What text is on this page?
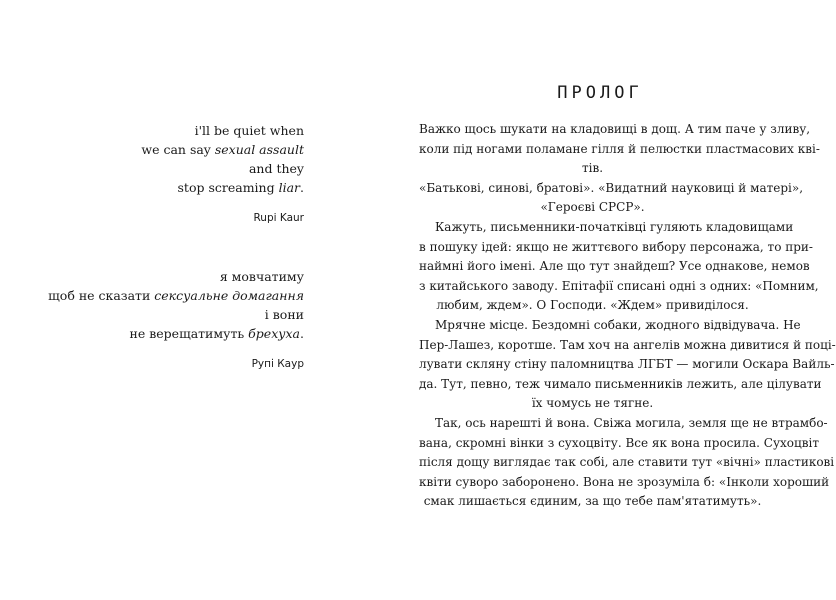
i'll be quiet when
we can say sexual assault
and they
stop screaming liar.
Rupi Kaur
я мовчатиму
щоб не сказати сексуальне домагання
і вони
не верещатимуть брехуха.
Рупі Каур
ПРОЛОГ
Важко щось шукати на кладовищі в дощ. А тим паче у зливу,
коли під ногами поламане гілля й пелюстки пластмасових кві-
тів.
«Батькові, синові, братові». «Видатний науковиці й матері»,
«Героєві СРСР».
Кажуть, письменники-початківці гуляють кладовищами
в пошуку ідей: якщо не життєвого вибору персонажа, то при-
наймні його імені. Але що тут знайдеш? Усе однакове, немов
з китайського заводу. Епітафії списані одні з одних: «Помним,
любим, ждем». О Господи. «Ждем» привиділося.
Мрячне місце. Бездомні собаки, жодного відвідувача. Не
Пер-Лашез, коротше. Там хоч на ангелів можна дивитися й поці-
лувати скляну стіну паломництва ЛГБТ — могили Оскара Вайль-
да. Тут, певно, теж чимало письменників лежить, але цілувати
їх чомусь не тягне.
Так, ось нарешті й вона. Свіжа могила, земля ще не втрамбо-
вана, скромні вінки з сухоцвіту. Все як вона просила. Сухоцвіт
після дощу виглядає так собі, але ставити тут «вічні» пластикові
квіти суворо заборонено. Вона не зрозуміла б: «Інколи хороший
смак лишається єдиним, за що тебе пам'ятатимуть».
